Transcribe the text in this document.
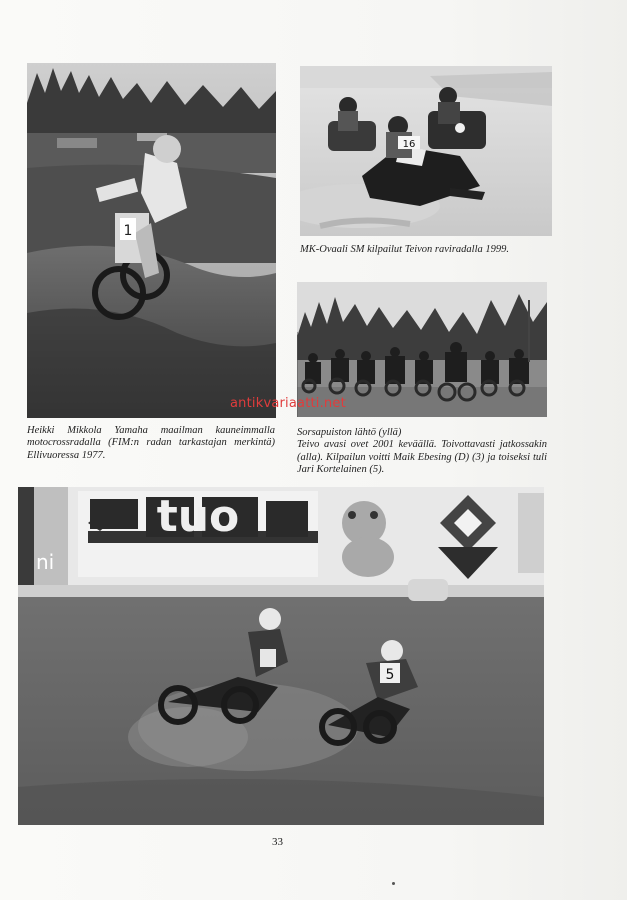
1
16

MK-Ovaali SM kilpailut Teivon raviradalla 1999.

Heikki Mikkola Yamaha maailman kauneimmalla
motocrossradalla (FIM:n radan tarkastajan merkintä)
Ellivuoressa 1977.

Sorsapuiston lähtö (yllä)
Teivo avasi ovet 2001 keväällä. Toivottavasti jatkossakin
(alla). Kilpailun voitti Maik Ebesing (D) (3) ja toiseksi tuli
Jari Kortelainen (5).

ni
tuo
5
antikvariaatti.net
33
